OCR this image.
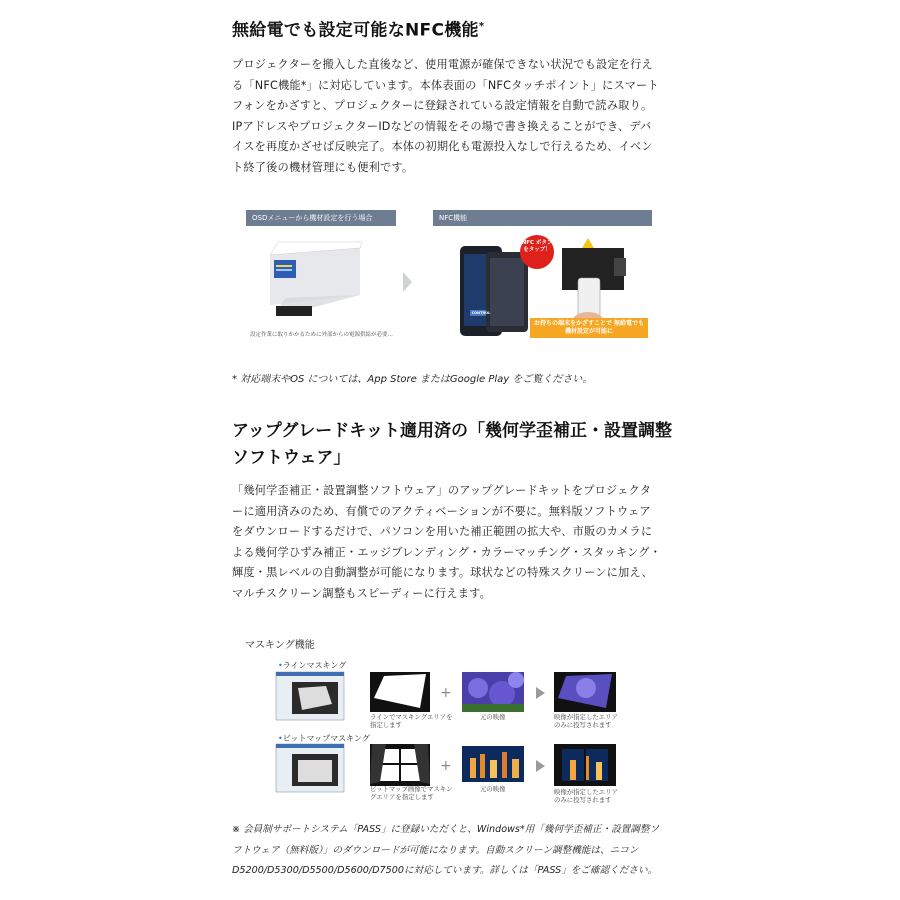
無給電でも設定可能なNFC機能*

プロジェクターを搬入した直後など、使用電源が確保できない状況でも設定を行える「NFC機能*」に対応しています。本体表面の「NFCタッチポイント」にスマートフォンをかざすと、プロジェクターに登録されている設定情報を自動で読み取り。IPアドレスやプロジェクターIDなどの情報をその場で書き換えることができ、デバイスを再度かざせば反映完了。本体の初期化も電源投入なしで行えるため、イベント終了後の機材管理にも便利です。

OSDメニューから機材設定を行う場合	NFC機能
NFC ボタン をタップ！
CONTROL
お持ちの端末をかざすことで 無給電でも機材設定が可能に
設定作業に取りかかるために外部からの電源供給が必要…
* 対応端末やOS については、App Store またはGoogle Play をご覧ください。
アップグレードキット適用済の「幾何学歪補正・設置調整ソフトウェア」

「幾何学歪補正・設置調整ソフトウェア」のアップグレードキットをプロジェクターに適用済みのため、有償でのアクティベーションが不要に。無料版ソフトウェアをダウンロードするだけで、パソコンを用いた補正範囲の拡大や、市販のカメラによる幾何学ひずみ補正・エッジブレンディング・カラーマッチング・スタッキング・輝度・黒レベルの自動調整が可能になります。球状などの特殊スクリーンに加え、マルチスクリーン調整もスピーディーに行えます。

マスキング機能
•ラインマスキング
•ビットマップマスキング
+
+
ラインでマスキングエリアを指定します
元の映像	映像が指定したエリアのみに投写されます
ビットマップ画像でマスキングエリアを指定します
元の映像	映像が指定したエリアのみに投写されます
※ 会員制サポートシステム「PASS」に登録いただくと、Windows*用「幾何学歪補正・設置調整ソフトウェア（無料版）」のダウンロードが可能になります。自動スクリーン調整機能は、ニコンD5200/D5300/D5500/D5600/D7500に対応しています。詳しくは「PASS」をご確認ください。
